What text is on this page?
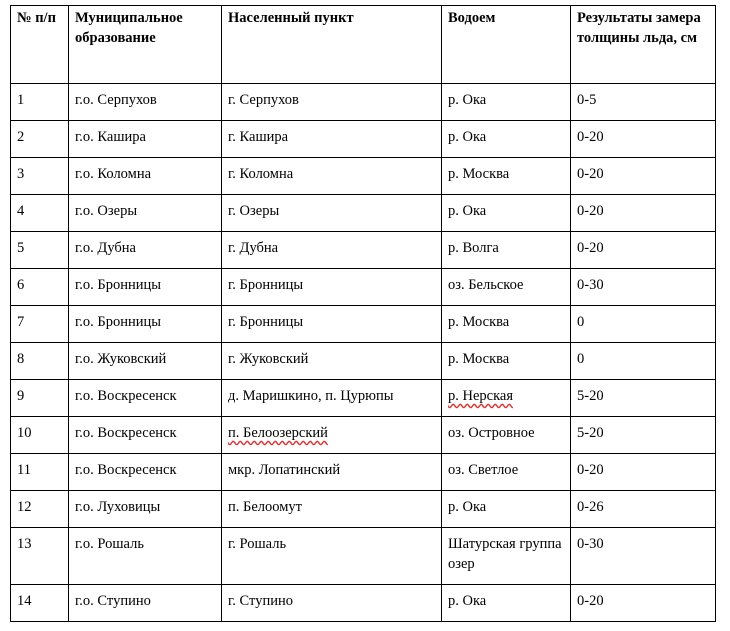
№ п/п	Муниципальное образование	Населенный пункт	Водоем	Результаты замера толщины льда, см
1	г.о. Серпухов	г. Серпухов	р. Ока	0-5
2	г.о. Кашира	г. Кашира	р. Ока	0-20
3	г.о. Коломна	г. Коломна	р. Москва	0-20
4	г.о. Озеры	г. Озеры	р. Ока	0-20
5	г.о. Дубна	г. Дубна	р. Волга	0-20
6	г.о. Бронницы	г. Бронницы	оз. Бельское	0-30
7	г.о. Бронницы	г. Бронницы	р. Москва	0
8	г.о. Жуковский	г. Жуковский	р. Москва	0
9	г.о. Воскресенск	д. Маришкино, п. Цурюпы	р. Нерская	5-20
10	г.о. Воскресенск	п. Белоозерский	оз. Островное	5-20
11	г.о. Воскресенск	мкр. Лопатинский	оз. Светлое	0-20
12	г.о. Луховицы	п. Белоомут	р. Ока	0-26
13	г.о. Рошаль	г. Рошаль	Шатурская группа озер	0-30
14	г.о. Ступино	г. Ступино	р. Ока	0-20
